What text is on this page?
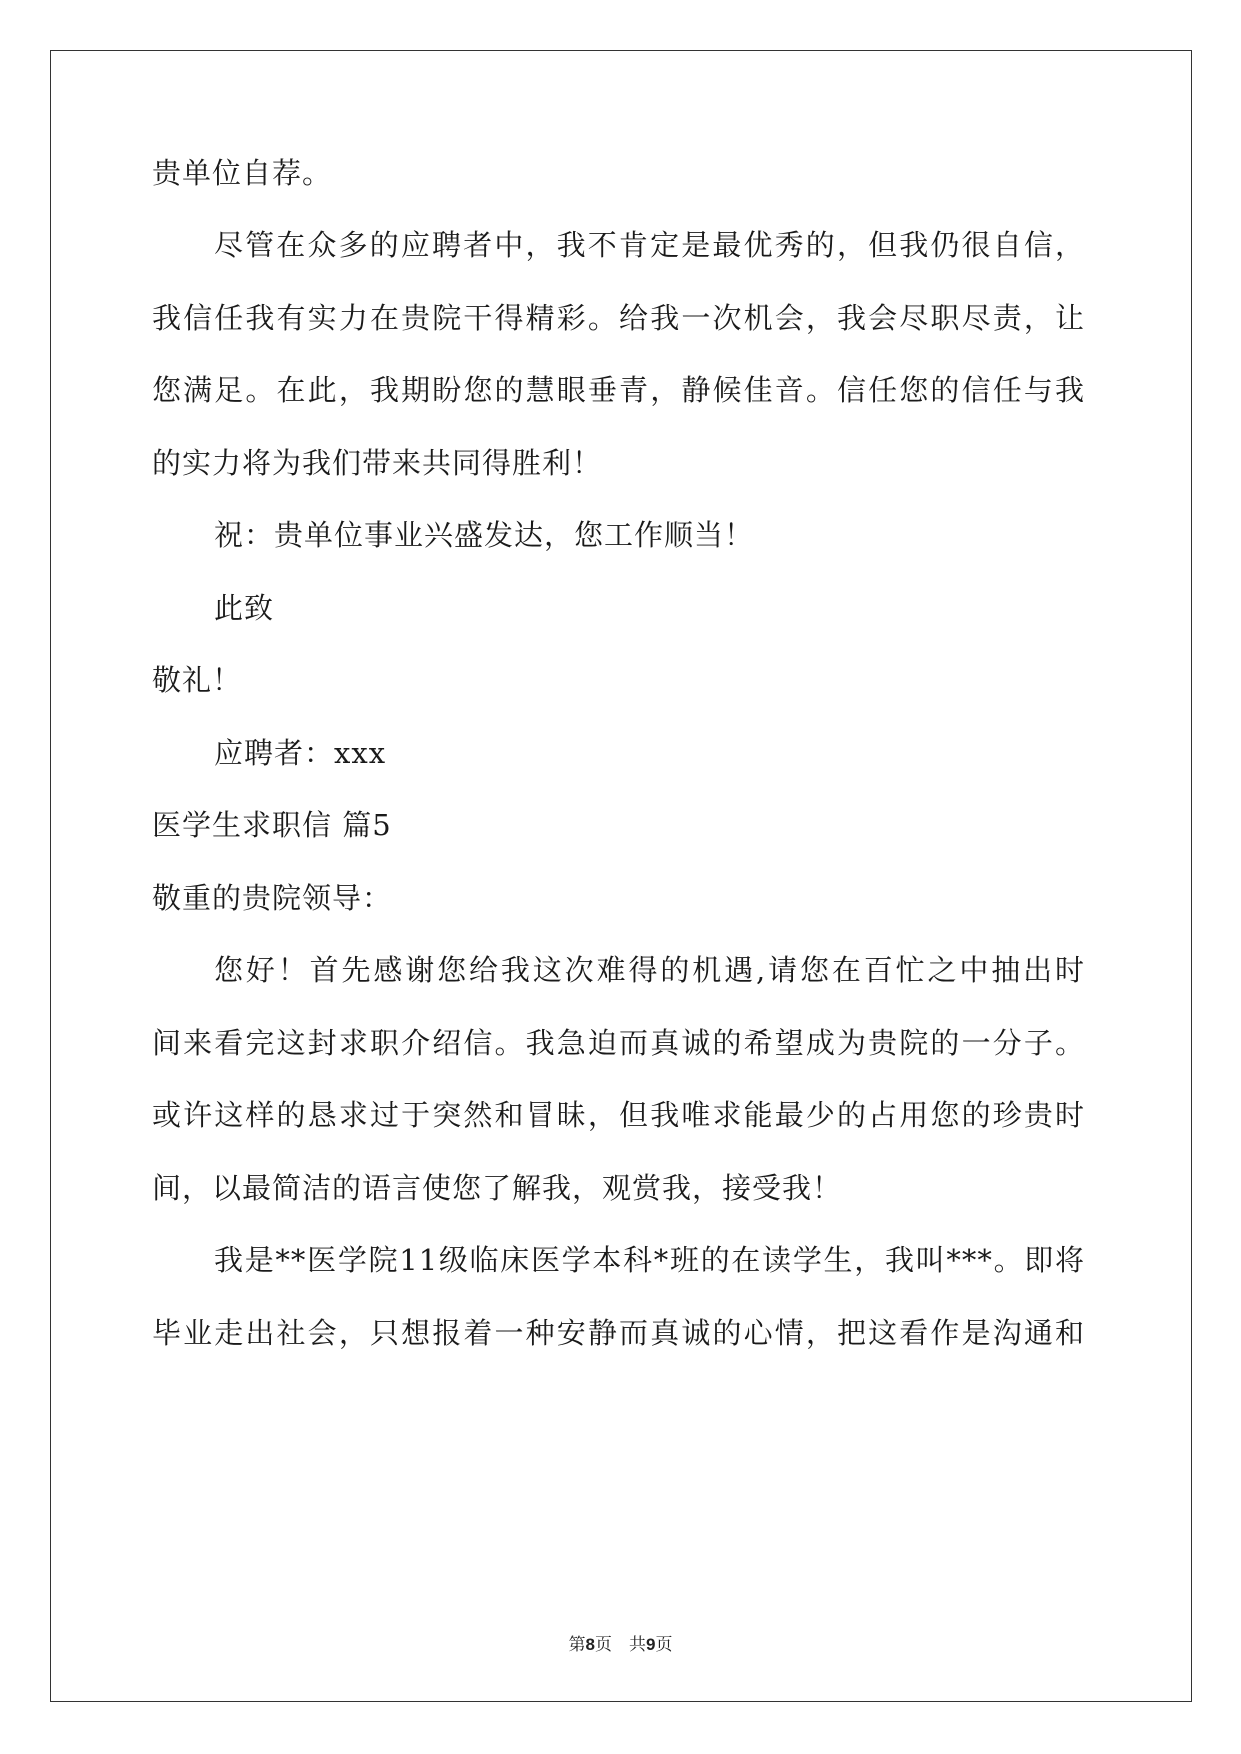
贵单位自荐。
尽管在众多的应聘者中，我不肯定是最优秀的，但我仍很自信，
我信任我有实力在贵院干得精彩。给我一次机会，我会尽职尽责，让
您满足。在此，我期盼您的慧眼垂青，静候佳音。信任您的信任与我
的实力将为我们带来共同得胜利！
祝：贵单位事业兴盛发达，您工作顺当！
此致
敬礼！
应聘者：xxx
医学生求职信 篇5
敬重的贵院领导：
您好！首先感谢您给我这次难得的机遇,请您在百忙之中抽出时
间来看完这封求职介绍信。我急迫而真诚的希望成为贵院的一分子。
或许这样的恳求过于突然和冒昧，但我唯求能最少的占用您的珍贵时
间，以最简洁的语言使您了解我，观赏我，接受我！
我是**医学院11级临床医学本科*班的在读学生，我叫***。即将
毕业走出社会，只想报着一种安静而真诚的心情，把这看作是沟通和
第8页　共9页
